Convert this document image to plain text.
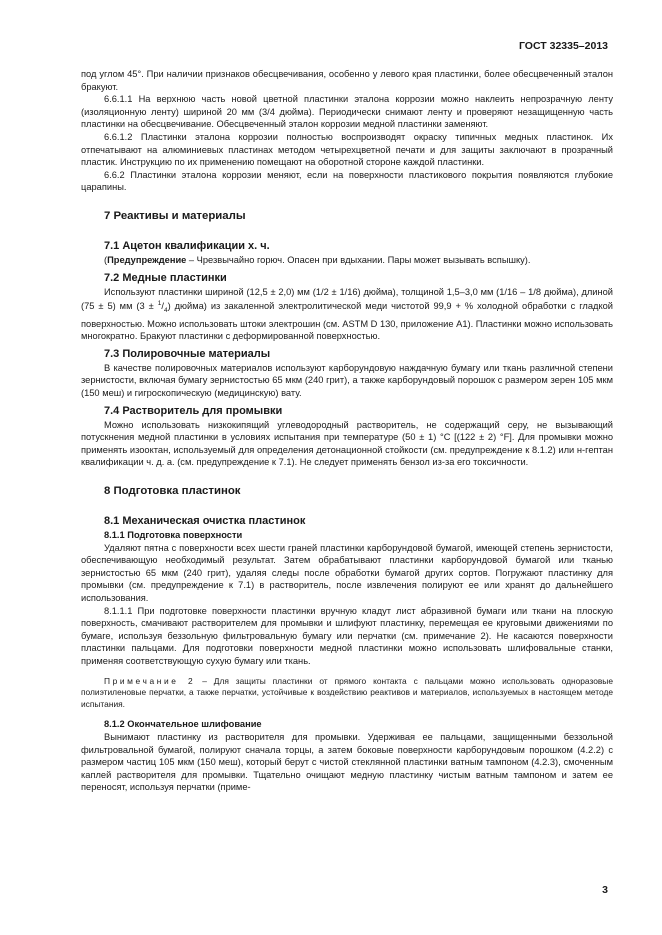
ГОСТ 32335–2013

под углом 45°. При наличии признаков обесцвечивания, особенно у левого края пластинки, более обесцвеченный эталон бракуют.

6.6.1.1 На верхнюю часть новой цветной пластинки эталона коррозии можно наклеить непрозрачную ленту (изоляционную ленту) шириной 20 мм (3/4 дюйма). Периодически снимают ленту и проверяют незащищенную часть пластинки на обесцвечивание. Обесцвеченный эталон коррозии медной пластинки заменяют.

6.6.1.2 Пластинки эталона коррозии полностью воспроизводят окраску типичных медных пластинок. Их отпечатывают на алюминиевых пластинах методом четырехцветной печати и для защиты заключают в прозрачный пластик. Инструкцию по их применению помещают на оборотной стороне каждой пластинки.

6.6.2 Пластинки эталона коррозии меняют, если на поверхности пластикового покрытия появляются глубокие царапины.

7 Реактивы и материалы
7.1 Ацетон квалификации х. ч.

(Предупреждение – Чрезвычайно горюч. Опасен при вдыхании. Пары может вызывать вспышку).

7.2 Медные пластинки

Используют пластинки шириной (12,5 ± 2,0) мм (1/2 ± 1/16) дюйма), толщиной 1,5–3,0 мм (1/16 – 1/8 дюйма), длиной (75 ± 5) мм $(3 \pm ^1/_4)$ дюйма) из закаленной электролитической меди чистотой 99,9 + % холодной обработки с гладкой поверхностью. Можно использовать штоки электрошин (см. ASTM D 130, приложение А1). Пластинки можно использовать многократно. Бракуют пластинки с деформированной поверхностью.

7.3 Полировочные материалы

В качестве полировочных материалов используют карборундовую наждачную бумагу или ткань различной степени зернистости, включая бумагу зернистостью 65 мкм (240 грит), а также карборундовый порошок с размером зерен 105 мкм (150 меш) и гигроскопическую (медицинскую) вату.

7.4 Растворитель для промывки

Можно использовать низкокипящий углеводородный растворитель, не содержащий серу, не вызывающий потускнения медной пластинки в условиях испытания при температуре (50 ± 1) °С [(122 ± 2) °F]. Для промывки можно применять изооктан, используемый для определения детонационной стойкости (см. предупреждение к 8.1.2) или н-гептан квалификации ч. д. а. (см. предупреждение к 7.1). Не следует применять бензол из-за его токсичности.

8 Подготовка пластинок
8.1 Механическая очистка пластинок
8.1.1 Подготовка поверхности

Удаляют пятна с поверхности всех шести граней пластинки карборундовой бумагой, имеющей степень зернистости, обеспечивающую необходимый результат. Затем обрабатывают пластинки карборундовой бумагой или тканью зернистостью 65 мкм (240 грит), удаляя следы после обработки бумагой других сортов. Погружают пластинку для промывки (см. предупреждение к 7.1) в растворитель, после извлечения полируют ее или хранят до дальнейшего использования.

8.1.1.1 При подготовке поверхности пластинки вручную кладут лист абразивной бумаги или ткани на плоскую поверхность, смачивают растворителем для промывки и шлифуют пластинку, перемещая ее круговыми движениями по бумаге, используя беззольную фильтровальную бумагу или перчатки (см. примечание 2). Не касаются поверхности пластинки пальцами. Для подготовки поверхности медной пластинки можно использовать шлифовальные станки, применяя соответствующую сухую бумагу или ткань.

Примечание 2 – Для защиты пластинки от прямого контакта с пальцами можно использовать одноразовые полиэтиленовые перчатки, а также перчатки, устойчивые к воздействию реактивов и материалов, используемых в настоящем методе испытания.

8.1.2 Окончательное шлифование

Вынимают пластинку из растворителя для промывки. Удерживая ее пальцами, защищенными беззольной фильтровальной бумагой, полируют сначала торцы, а затем боковые поверхности карборундовым порошком (4.2.2) с размером частиц 105 мкм (150 меш), который берут с чистой стеклянной пластинки ватным тампоном (4.2.3), смоченным каплей растворителя для промывки. Тщательно очищают медную пластинку чистым ватным тампоном и затем ее переносят, используя перчатки (приме-

3
